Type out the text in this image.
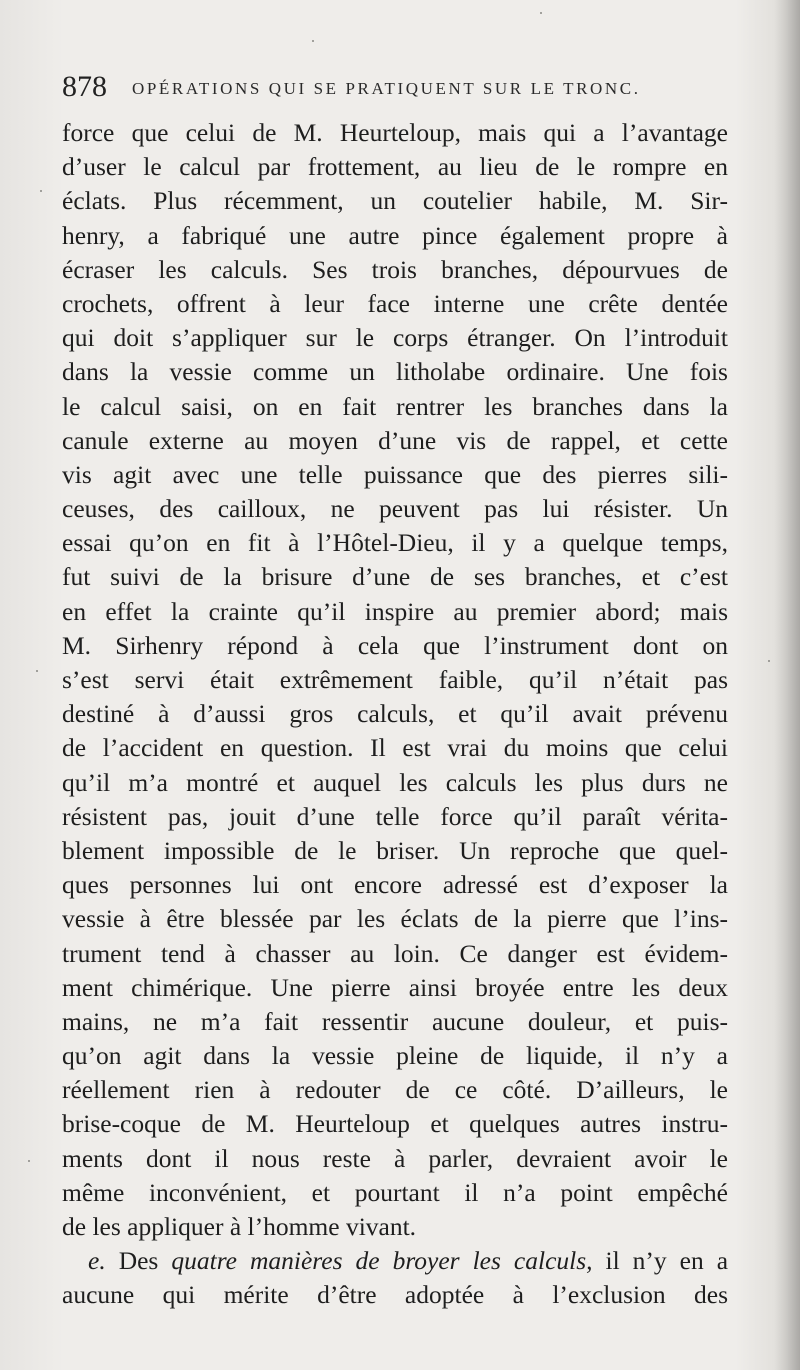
878 OPÉRATIONS QUI SE PRATIQUENT SUR LE TRONC.
force que celui de M. Heurteloup, mais qui a l’avantage
d’user le calcul par frottement, au lieu de le rompre en
éclats. Plus récemment, un coutelier habile, M. Sir-
henry, a fabriqué une autre pince également propre à
écraser les calculs. Ses trois branches, dépourvues de
crochets, offrent à leur face interne une crête dentée
qui doit s’appliquer sur le corps étranger. On l’introduit
dans la vessie comme un litholabe ordinaire. Une fois
le calcul saisi, on en fait rentrer les branches dans la
canule externe au moyen d’une vis de rappel, et cette
vis agit avec une telle puissance que des pierres sili-
ceuses, des cailloux, ne peuvent pas lui résister. Un
essai qu’on en fit à l’Hôtel-Dieu, il y a quelque temps,
fut suivi de la brisure d’une de ses branches, et c’est
en effet la crainte qu’il inspire au premier abord; mais
M. Sirhenry répond à cela que l’instrument dont on
s’est servi était extrêmement faible, qu’il n’était pas
destiné à d’aussi gros calculs, et qu’il avait prévenu
de l’accident en question. Il est vrai du moins que celui
qu’il m’a montré et auquel les calculs les plus durs ne
résistent pas, jouit d’une telle force qu’il paraît vérita-
blement impossible de le briser. Un reproche que quel-
ques personnes lui ont encore adressé est d’exposer la
vessie à être blessée par les éclats de la pierre que l’ins-
trument tend à chasser au loin. Ce danger est évidem-
ment chimérique. Une pierre ainsi broyée entre les deux
mains, ne m’a fait ressentir aucune douleur, et puis-
qu’on agit dans la vessie pleine de liquide, il n’y a
réellement rien à redouter de ce côté. D’ailleurs, le
brise-coque de M. Heurteloup et quelques autres instru-
ments dont il nous reste à parler, devraient avoir le
même inconvénient, et pourtant il n’a point empêché
de les appliquer à l’homme vivant.
e. Des quatre manières de broyer les calculs, il n’y en a
aucune qui mérite d’être adoptée à l’exclusion des
